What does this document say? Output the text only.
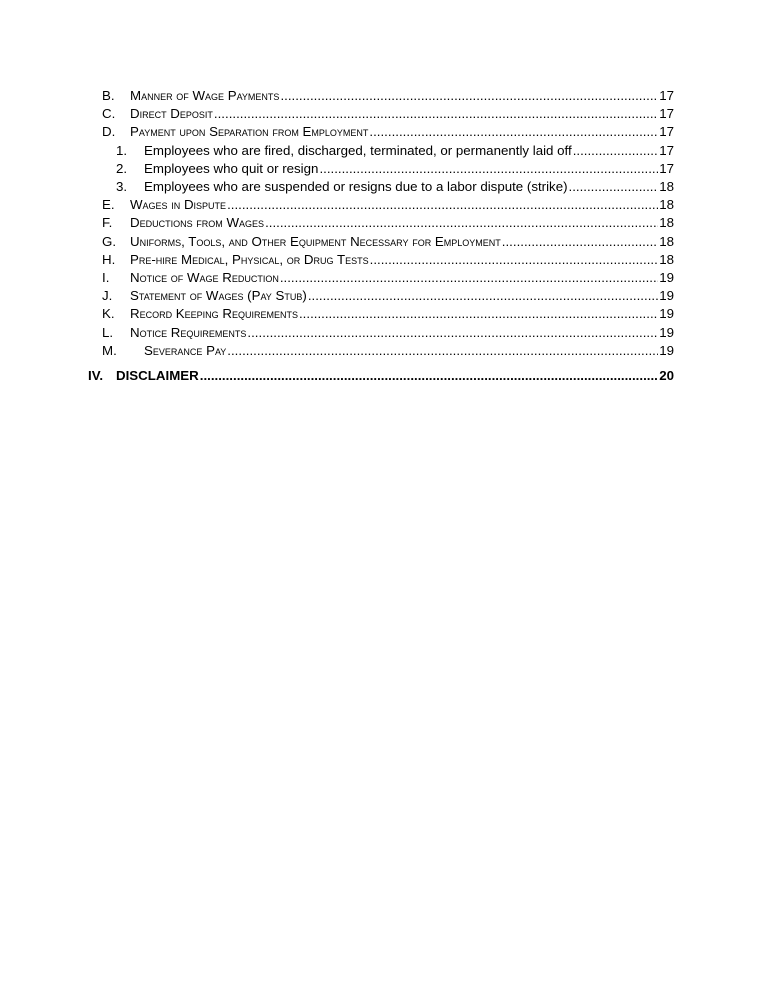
B.	Manner of Wage Payments .....	17
C.	Direct Deposit .....	17
D.	Payment upon Separation from Employment .....	17
1.	Employees who are fired, discharged, terminated, or permanently laid off .....	17
2.	Employees who quit or resign .....	17
3.	Employees who are suspended or resigns due to a labor dispute (strike) .....	18
E.	Wages in Dispute .....	18
F.	Deductions from Wages .....	18
G.	Uniforms, Tools, and Other Equipment Necessary for Employment .....	18
H.	Pre-hire Medical, Physical, or Drug Tests .....	18
I.	Notice of Wage Reduction .....	19
J.	Statement of Wages (Pay Stub) .....	19
K.	Record Keeping Requirements .....	19
L.	Notice Requirements .....	19
M.	Severance Pay .....	19
IV. DISCLAIMER .....	20
